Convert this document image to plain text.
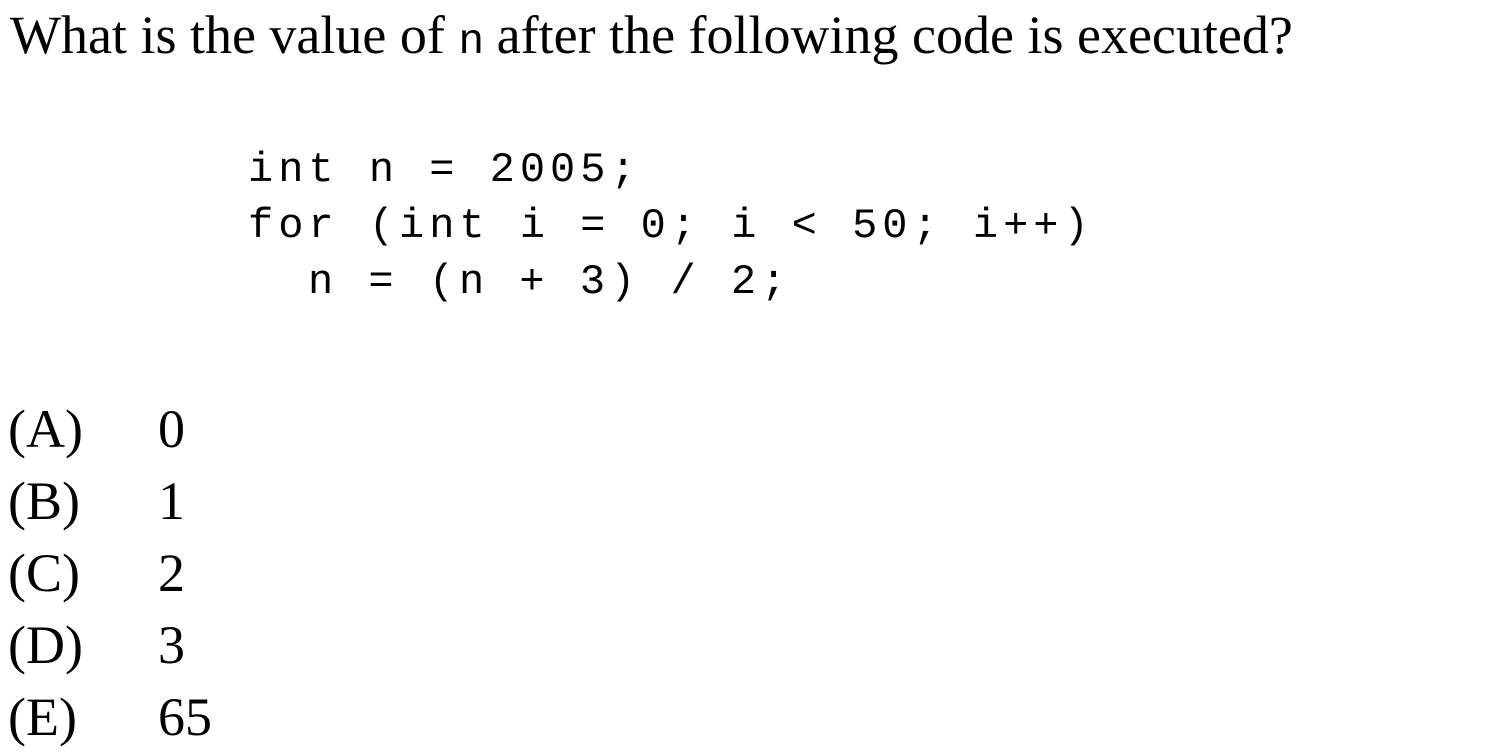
What is the value of n after the following code is executed?
int n = 2005;
for (int i = 0; i < 50; i++)
n = (n + 3) / 2;
(A)	0
(B)	1
(C)	2
(D)	3
(E)	65
